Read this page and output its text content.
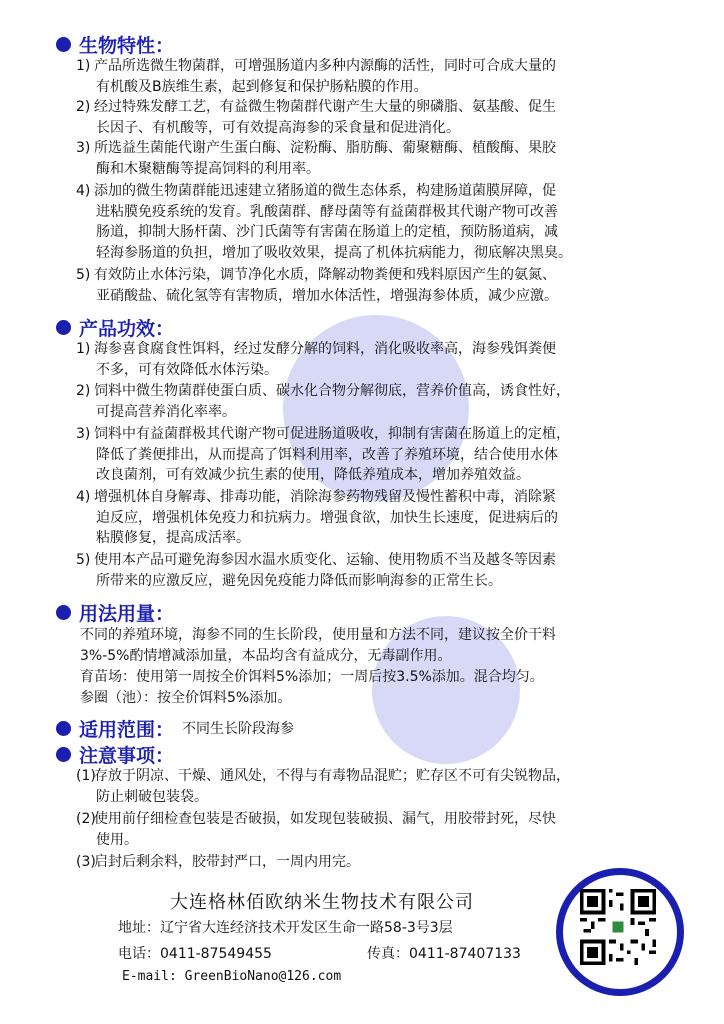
生物特性：
1) 产品所选微生物菌群，可增强肠道内多种内源酶的活性，同时可合成大量的
有机酸及B族维生素，起到修复和保护肠粘膜的作用。
2) 经过特殊发酵工艺，有益微生物菌群代谢产生大量的卵磷脂、氨基酸、促生
长因子、有机酸等，可有效提高海参的采食量和促进消化。
3) 所选益生菌能代谢产生蛋白酶、淀粉酶、脂肪酶、葡聚糖酶、植酸酶、果胶
酶和木聚糖酶等提高饲料的利用率。
4) 添加的微生物菌群能迅速建立猪肠道的微生态体系，构建肠道菌膜屏障，促
进粘膜免疫系统的发育。乳酸菌群、酵母菌等有益菌群极其代谢产物可改善
肠道，抑制大肠杆菌、沙门氏菌等有害菌在肠道上的定植，预防肠道病，减
轻海参肠道的负担，增加了吸收效果，提高了机体抗病能力，彻底解决黑臭。
5) 有效防止水体污染，调节净化水质，降解动物粪便和残料原因产生的氨氮、
亚硝酸盐、硫化氢等有害物质，增加水体活性，增强海参体质，减少应激。
产品功效：
1) 海参喜食腐食性饵料，经过发酵分解的饲料，消化吸收率高，海参残饵粪便
不多，可有效降低水体污染。
2) 饲料中微生物菌群使蛋白质、碳水化合物分解彻底，营养价值高，诱食性好，
可提高营养消化率率。
3) 饲料中有益菌群极其代谢产物可促进肠道吸收，抑制有害菌在肠道上的定植，
降低了粪便排出，从而提高了饵料利用率，改善了养殖环境，结合使用水体
改良菌剂，可有效减少抗生素的使用，降低养殖成本，增加养殖效益。
4) 增强机体自身解毒、排毒功能，消除海参药物残留及慢性蓄积中毒，消除紧
迫反应，增强机体免疫力和抗病力。增强食欲，加快生长速度，促进病后的
粘膜修复，提高成活率。
5) 使用本产品可避免海参因水温水质变化、运输、使用物质不当及越冬等因素
所带来的应激反应，避免因免疫能力降低而影响海参的正常生长。
用法用量：
不同的养殖环境，海参不同的生长阶段，使用量和方法不同，建议按全价干料
3%-5%酌情增减添加量，本品均含有益成分，无毒副作用。
育苗场：使用第一周按全价饵料5%添加；一周后按3.5%添加。混合均匀。
参圈（池）：按全价饵料5%添加。
适用范围： 不同生长阶段海参
注意事项：
(1)存放于阴凉、干燥、通风处，不得与有毒物品混贮；贮存区不可有尖锐物品，
防止刺破包装袋。
(2)使用前仔细检查包装是否破损，如发现包装破损、漏气，用胶带封死，尽快
使用。
(3)启封后剩余料，胶带封严口，一周内用完。
大连格林佰欧纳米生物技术有限公司
地址：辽宁省大连经济技术开发区生命一路58-3号3层
电话：0411-87549455	传真：0411-87407133
E-mail: GreenBioNano@126.com
